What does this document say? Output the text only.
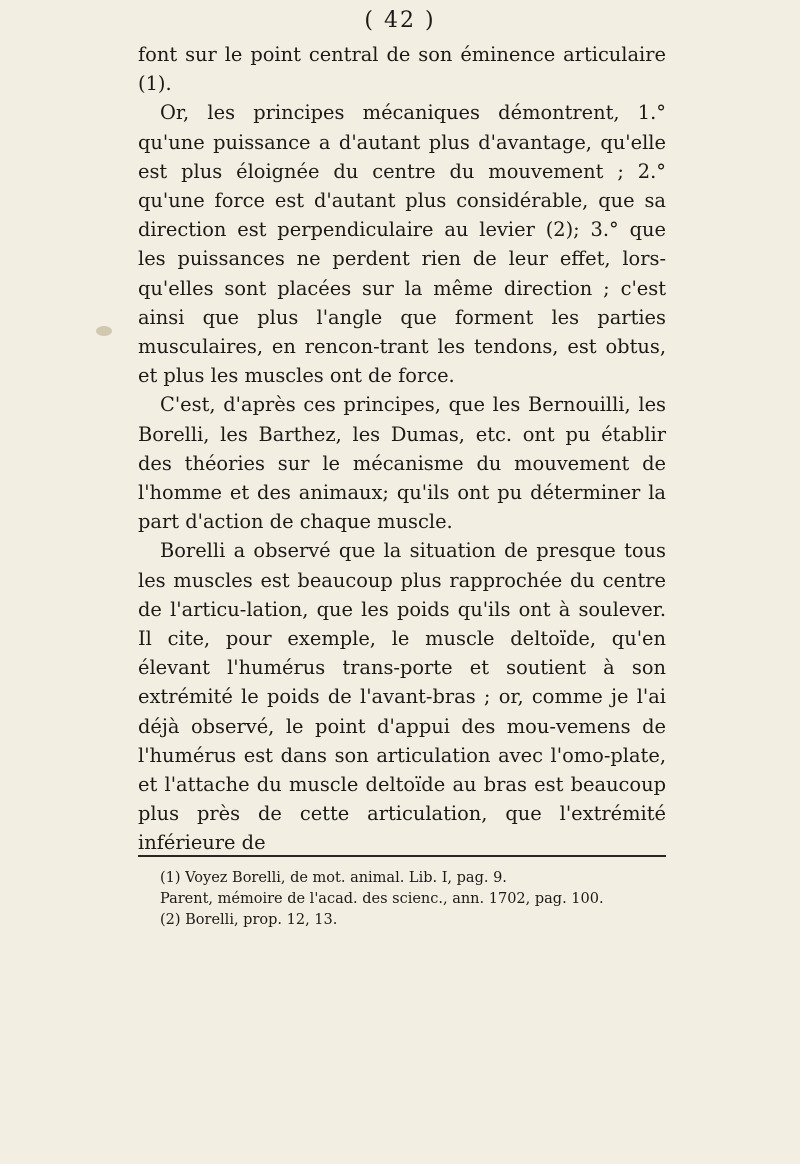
( 42 )

font sur le point central de son éminence articulaire (1).

Or, les principes mécaniques démontrent, 1.° qu'une puissance a d'autant plus d'avantage, qu'elle est plus éloignée du centre du mouvement ; 2.° qu'une force est d'autant plus considérable, que sa direction est perpendiculaire au levier (2); 3.° que les puissances ne perdent rien de leur effet, lors-qu'elles sont placées sur la même direction ; c'est ainsi que plus l'angle que forment les parties musculaires, en rencon-trant les tendons, est obtus, et plus les muscles ont de force.

C'est, d'après ces principes, que les Bernouilli, les Borelli, les Barthez, les Dumas, etc. ont pu établir des théories sur le mécanisme du mouvement de l'homme et des animaux; qu'ils ont pu déterminer la part d'action de chaque muscle.

Borelli a observé que la situation de presque tous les muscles est beaucoup plus rapprochée du centre de l'articu-lation, que les poids qu'ils ont à soulever. Il cite, pour exemple, le muscle deltoïde, qu'en élevant l'humérus trans-porte et soutient à son extrémité le poids de l'avant-bras ; or, comme je l'ai déjà observé, le point d'appui des mou-vemens de l'humérus est dans son articulation avec l'omo-plate, et l'attache du muscle deltoïde au bras est beaucoup plus près de cette articulation, que l'extrémité inférieure de

(1) Voyez Borelli, de mot. animal. Lib. I, pag. 9.

Parent, mémoire de l'acad. des scienc., ann. 1702, pag. 100.

(2) Borelli, prop. 12, 13.
